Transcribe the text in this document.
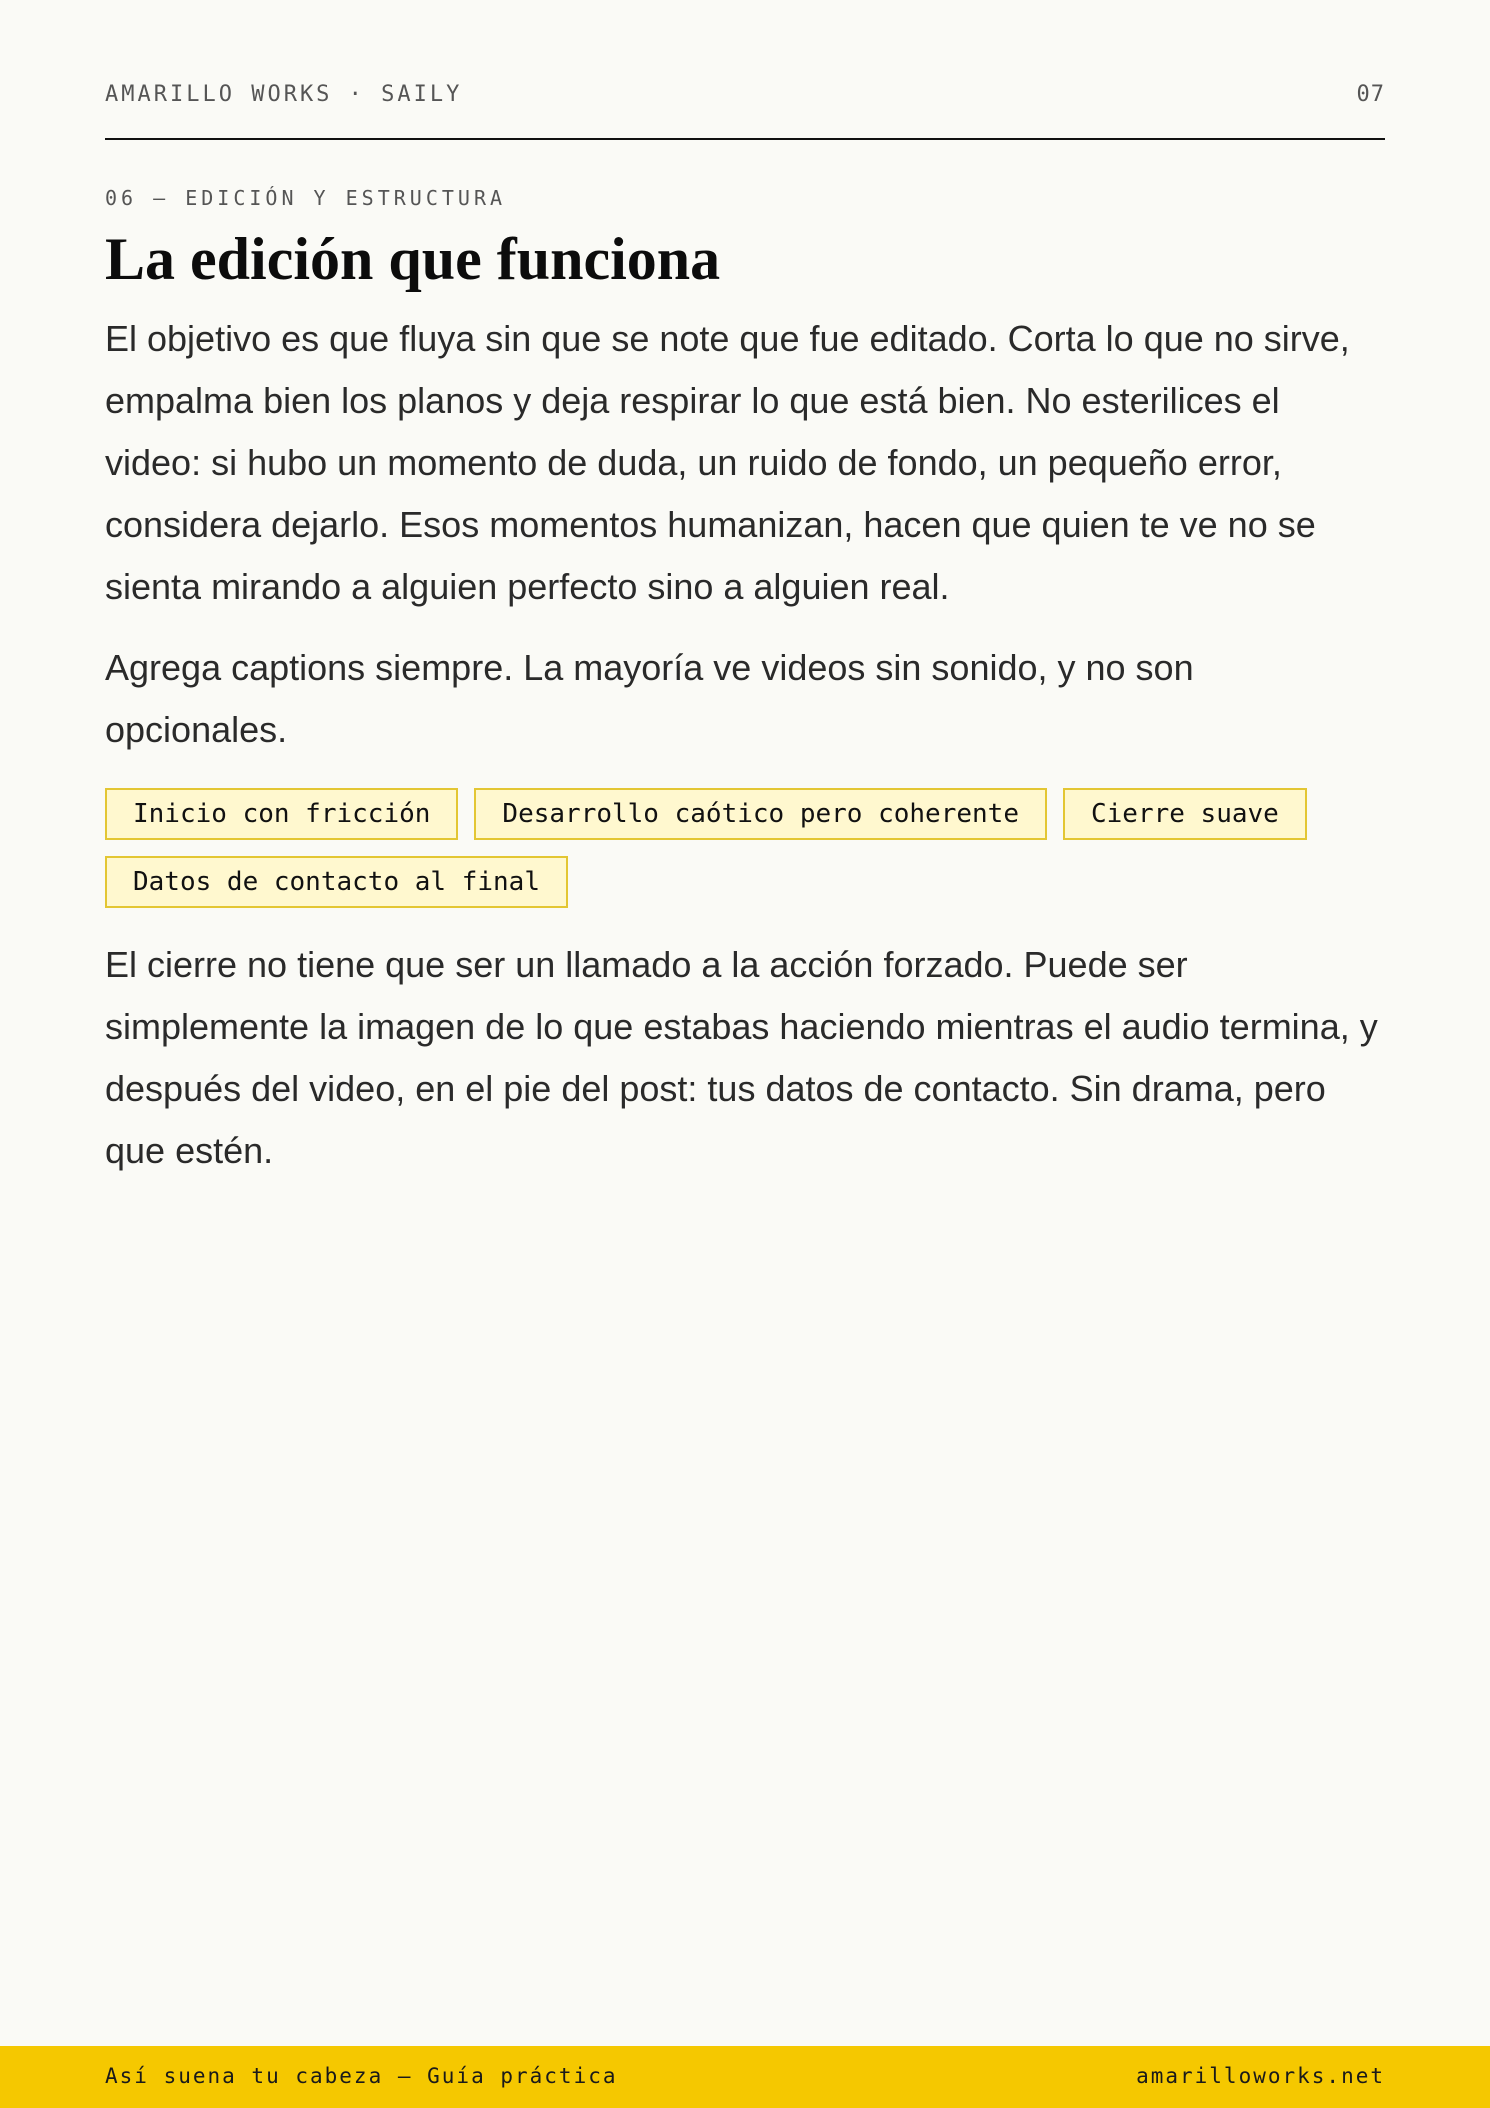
AMARILLO WORKS · SAILY	07
06 — EDICIÓN Y ESTRUCTURA
La edición que funciona

El objetivo es que fluya sin que se note que fue editado. Corta lo que no sirve, empalma bien los planos y deja respirar lo que está bien. No esterilices el video: si hubo un momento de duda, un ruido de fondo, un pequeño error, considera dejarlo. Esos momentos humanizan, hacen que quien te ve no se sienta mirando a alguien perfecto sino a alguien real.

Agrega captions siempre. La mayoría ve videos sin sonido, y no son opcionales.

Inicio con fricción	Desarrollo caótico pero coherente	Cierre suave
Datos de contacto al final

El cierre no tiene que ser un llamado a la acción forzado. Puede ser simplemente la imagen de lo que estabas haciendo mientras el audio termina, y después del video, en el pie del post: tus datos de contacto. Sin drama, pero que estén.

Así suena tu cabeza — Guía práctica	amarilloworks.net
